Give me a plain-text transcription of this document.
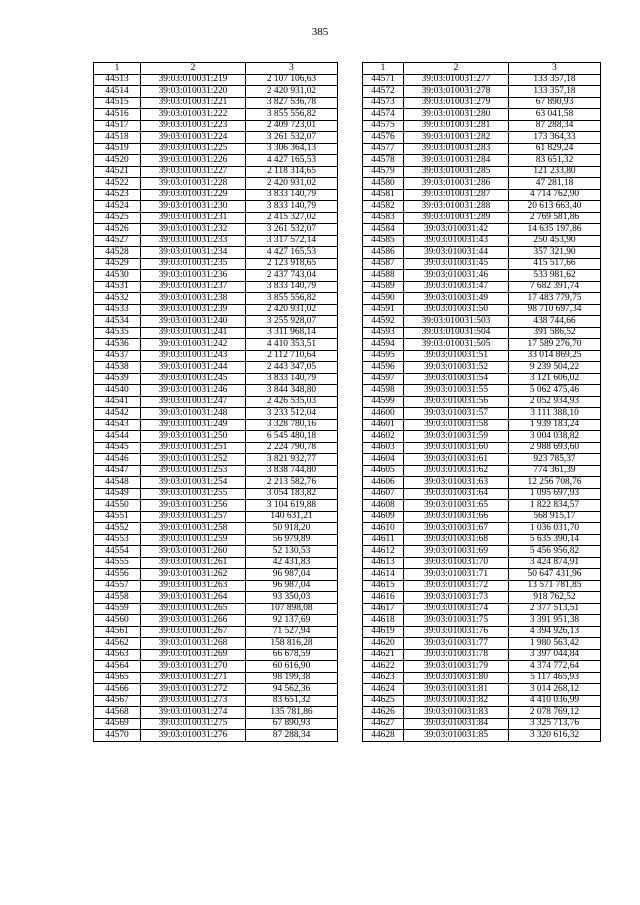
385
1	2	3
44513	39:03:010031:219	2 107 106,63
44514	39:03:010031:220	2 420 931,02
44515	39:03:010031:221	3 827 536,78
44516	39:03:010031:222	3 855 556,82
44517	39:03:010031:223	2 409 723,01
44518	39:03:010031:224	3 261 532,07
44519	39:03:010031:225	3 306 364,13
44520	39:03:010031:226	4 427 165,53
44521	39:03:010031:227	2 118 314,65
44522	39:03:010031:228	2 420 931,02
44523	39:03:010031:229	3 833 140,79
44524	39:03:010031:230	3 833 140,79
44525	39:03:010031:231	2 415 327,02
44526	39:03:010031:232	3 261 532,07
44527	39:03:010031:233	3 317 572,14
44528	39:03:010031:234	4 427 165,53
44529	39:03:010031:235	2 123 918,65
44530	39:03:010031:236	2 437 743,04
44531	39:03:010031:237	3 833 140,79
44532	39:03:010031:238	3 855 556,82
44533	39:03:010031:239	2 420 931,02
44534	39:03:010031:240	3 255 928,07
44535	39:03:010031:241	3 311 968,14
44536	39:03:010031:242	4 410 353,51
44537	39:03:010031:243	2 112 710,64
44538	39:03:010031:244	2 443 347,05
44539	39:03:010031:245	3 833 140,79
44540	39:03:010031:246	3 844 348,80
44541	39:03:010031:247	2 426 535,03
44542	39:03:010031:248	3 233 512,04
44543	39:03:010031:249	3 328 780,16
44544	39:03:010031:250	6 545 480,18
44545	39:03:010031:251	2 224 790,78
44546	39:03:010031:252	3 821 932,77
44547	39:03:010031:253	3 838 744,80
44548	39:03:010031:254	2 213 582,76
44549	39:03:010031:255	3 054 183,82
44550	39:03:010031:256	3 104 619,88
44551	39:03:010031:257	140 631,21
44552	39:03:010031:258	50 918,20
44553	39:03:010031:259	56 979,89
44554	39:03:010031:260	52 130,53
44555	39:03:010031:261	42 431,83
44556	39:03:010031:262	96 987,04
44557	39:03:010031:263	96 987,04
44558	39:03:010031:264	93 350,03
44559	39:03:010031:265	107 898,08
44560	39:03:010031:266	92 137,69
44561	39:03:010031:267	71 527,94
44562	39:03:010031:268	158 816,28
44563	39:03:010031:269	66 678,59
44564	39:03:010031:270	60 616,90
44565	39:03:010031:271	98 199,38
44566	39:03:010031:272	94 562,36
44567	39:03:010031:273	83 651,32
44568	39:03:010031:274	135 781,86
44569	39:03:010031:275	67 890,93
44570	39:03:010031:276	87 288,34
1	2	3
44571	39:03:010031:277	133 357,18
44572	39:03:010031:278	133 357,18
44573	39:03:010031:279	67 890,93
44574	39:03:010031:280	63 041,58
44575	39:03:010031:281	87 288,34
44576	39:03:010031:282	173 364,33
44577	39:03:010031:283	61 829,24
44578	39:03:010031:284	83 651,32
44579	39:03:010031:285	121 233,80
44580	39:03:010031:286	47 281,18
44581	39:03:010031:287	4 714 762,90
44582	39:03:010031:288	20 613 663,40
44583	39:03:010031:289	2 769 581,86
44584	39:03:010031:42	14 635 197,86
44585	39:03:010031:43	250 453,90
44586	39:03:010031:44	357 321,90
44587	39:03:010031:45	415 517,66
44588	39:03:010031:46	533 981,62
44589	39:03:010031:47	7 682 391,74
44590	39:03:010031:49	17 483 779,75
44591	39:03:010031:50	98 710 697,34
44592	39:03:010031:503	438 744,66
44593	39:03:010031:504	391 586,52
44594	39:03:010031:505	17 589 276,70
44595	39:03:010031:51	33 014 869,25
44596	39:03:010031:52	9 239 504,22
44597	39:03:010031:54	3 121 606,02
44598	39:03:010031:55	5 062 475,46
44599	39:03:010031:56	2 052 934,93
44600	39:03:010031:57	3 111 388,10
44601	39:03:010031:58	1 939 183,24
44602	39:03:010031:59	3 004 038,82
44603	39:03:010031:60	2 988 693,60
44604	39:03:010031:61	923 785,37
44605	39:03:010031:62	774 361,39
44606	39:03:010031:63	12 256 708,76
44607	39:03:010031:64	1 095 697,93
44608	39:03:010031:65	1 822 834,57
44609	39:03:010031:66	568 915,17
44610	39:03:010031:67	1 036 031,70
44611	39:03:010031:68	5 635 390,14
44612	39:03:010031:69	5 456 956,82
44613	39:03:010031:70	3 424 874,91
44614	39:03:010031:71	50 647 431,96
44615	39:03:010031:72	13 571 781,85
44616	39:03:010031:73	918 762,52
44617	39:03:010031:74	2 377 513,51
44618	39:03:010031:75	3 391 951,38
44619	39:03:010031:76	4 394 926,13
44620	39:03:010031:77	1 980 563,42
44621	39:03:010031:78	3 397 044,84
44622	39:03:010031:79	4 374 772,64
44623	39:03:010031:80	5 117 465,93
44624	39:03:010031:81	3 014 268,12
44625	39:03:010031:82	4 410 036,99
44626	39:03:010031:83	2 078 769,12
44627	39:03:010031:84	3 325 713,76
44628	39:03:010031:85	3 320 616,32
